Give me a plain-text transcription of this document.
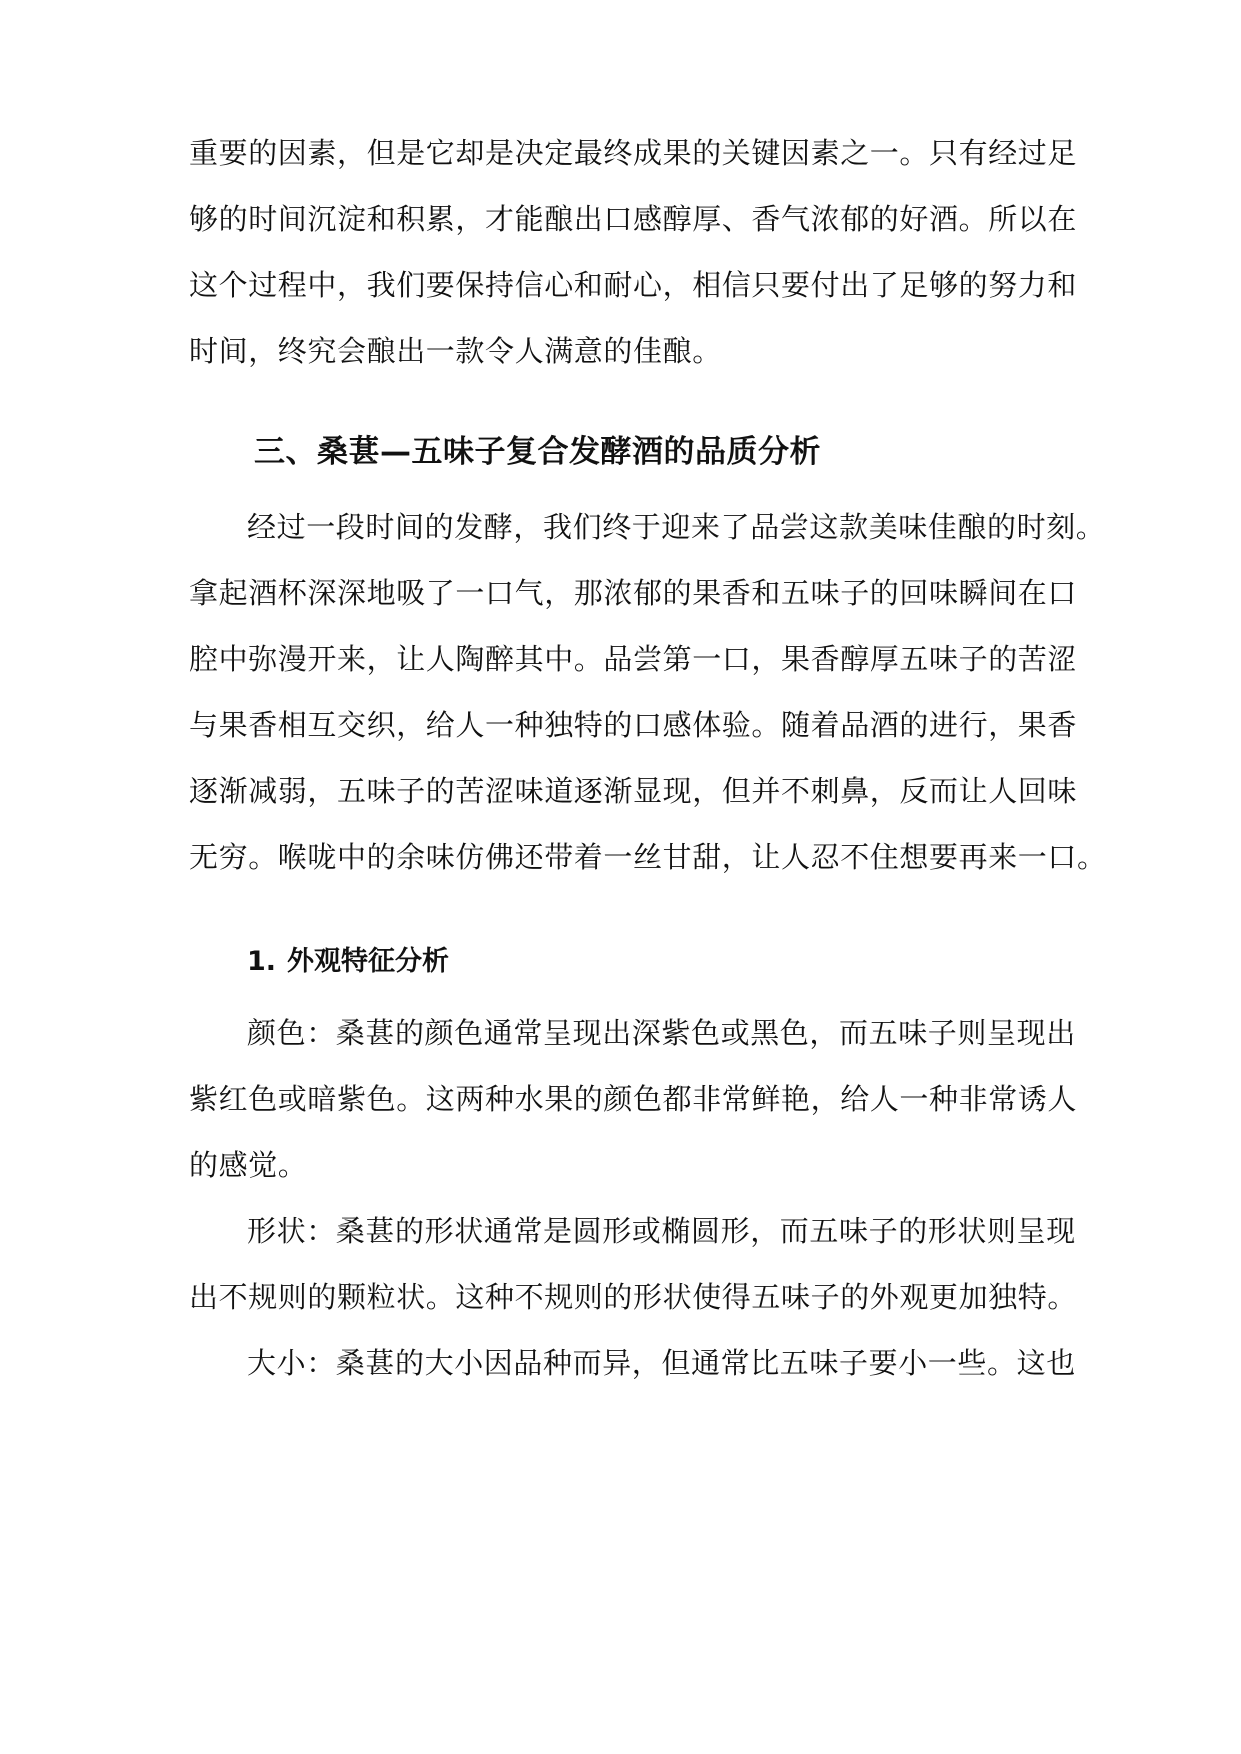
重要的因素，但是它却是决定最终成果的关键因素之一。只有经过足
够的时间沉淀和积累，才能酿出口感醇厚、香气浓郁的好酒。所以在
这个过程中，我们要保持信心和耐心，相信只要付出了足够的努力和
时间，终究会酿出一款令人满意的佳酿。
三、桑葚—五味子复合发酵酒的品质分析
经过一段时间的发酵，我们终于迎来了品尝这款美味佳酿的时刻。
拿起酒杯深深地吸了一口气，那浓郁的果香和五味子的回味瞬间在口
腔中弥漫开来，让人陶醉其中。品尝第一口，果香醇厚五味子的苦涩
与果香相互交织，给人一种独特的口感体验。随着品酒的进行，果香
逐渐减弱，五味子的苦涩味道逐渐显现，但并不刺鼻，反而让人回味
无穷。喉咙中的余味仿佛还带着一丝甘甜，让人忍不住想要再来一口。
1. 外观特征分析
颜色：桑葚的颜色通常呈现出深紫色或黑色，而五味子则呈现出
紫红色或暗紫色。这两种水果的颜色都非常鲜艳，给人一种非常诱人
的感觉。
形状：桑葚的形状通常是圆形或椭圆形，而五味子的形状则呈现
出不规则的颗粒状。这种不规则的形状使得五味子的外观更加独特。
大小：桑葚的大小因品种而异，但通常比五味子要小一些。这也
